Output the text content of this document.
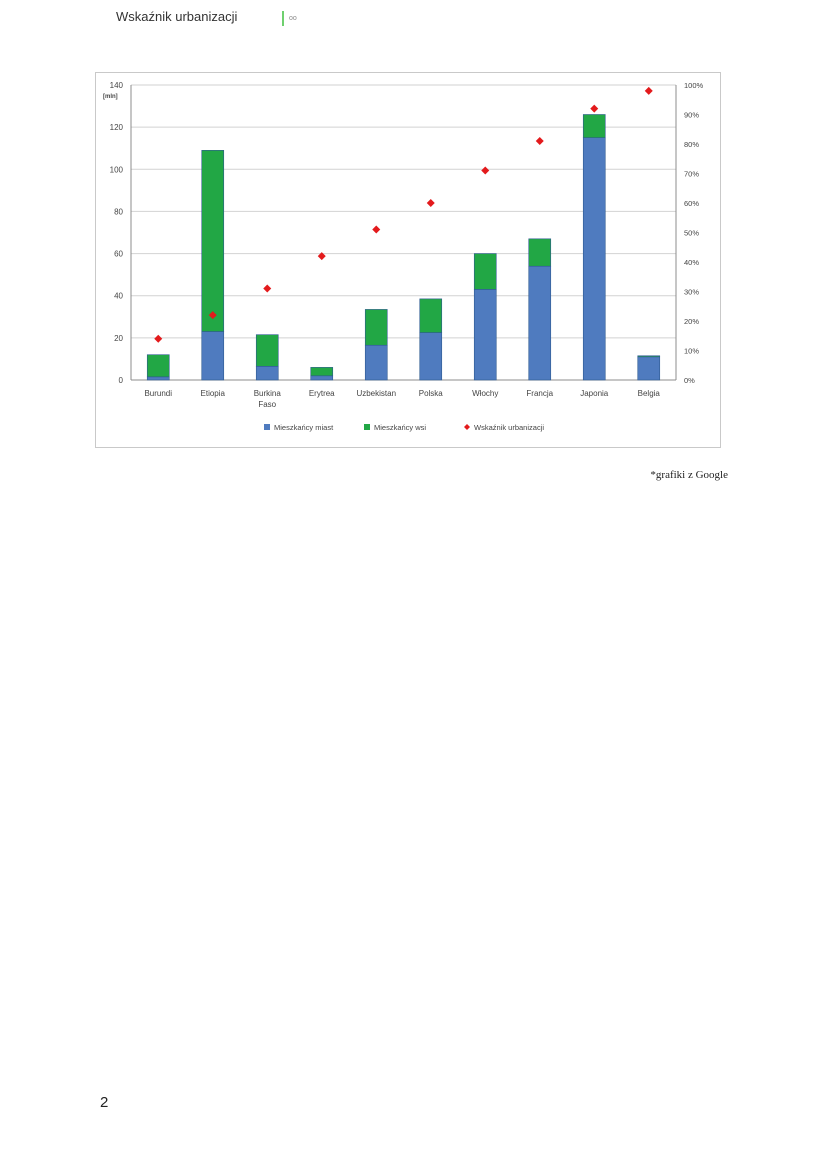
Wskaźnik urbanizacji	oo
0
20
40
60
80
100
120
140
[mln]
0%
10%
20%
30%
40%
50%
60%
70%
80%
90%
100%
Burundi	Etiopia	Burkina
Faso
Erytrea	Uzbekistan	Polska	Włochy	Francja	Japonia	Belgia
Mieszkańcy miast	Mieszkańcy wsi	Wskaźnik urbanizacji
*grafiki z Google
2
